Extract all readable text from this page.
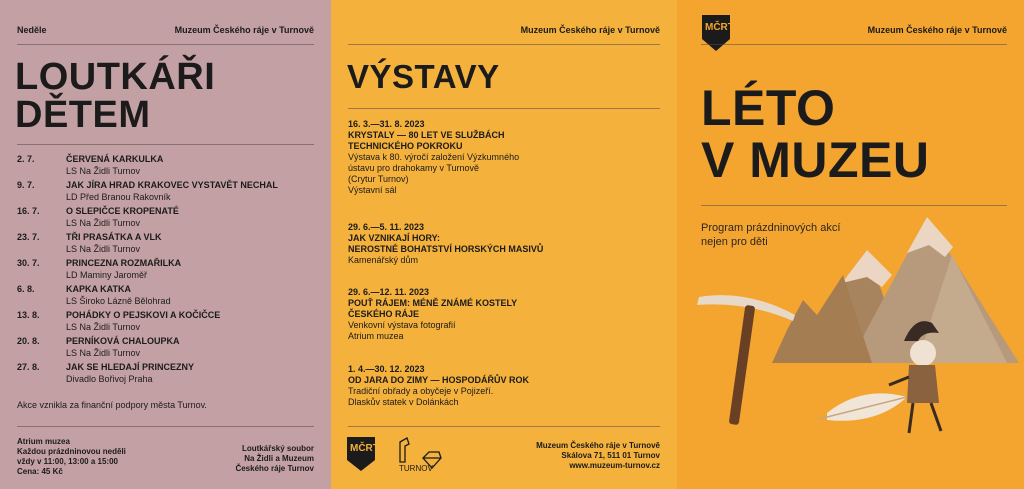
Neděle	Muzeum Českého ráje v Turnově
LOUTKÁŘI
DĚTEM
2. 7.	ČERVENÁ KARKULKA
LS Na Židli Turnov
9. 7.	JAK JÍRA HRAD KRAKOVEC VYSTAVĚT NECHAL
LD Před Branou Rakovník
16. 7.	O SLEPIČCE KROPENATÉ
LS Na Židli Turnov
23. 7.	TŘI PRASÁTKA A VLK
LS Na Židli Turnov
30. 7.	PRINCEZNA ROZMAŘILKA
LD Maminy Jaroměř
6. 8.	KAPKA KATKA
LS Široko Lázně Bělohrad
13. 8.	POHÁDKY O PEJSKOVI A KOČIČCE
LS Na Židli Turnov
20. 8.	PERNÍKOVÁ CHALOUPKA
LS Na Židli Turnov
27. 8.	JAK SE HLEDAJÍ PRINCEZNY
Divadlo Bořivoj Praha
Akce vznikla za finanční podpory města Turnov.
Atrium muzea
Každou prázdninovou neděli
vždy v 11:00, 13:00 a 15:00
Cena: 45 Kč
Loutkářský soubor
Na Židli a Muzeum
Českého ráje Turnov
Muzeum Českého ráje v Turnově
VÝSTAVY
16. 3.—31. 8. 2023
KRYSTALY — 80 LET VE SLUŽBÁCH
TECHNICKÉHO POKROKU
Výstava k 80. výročí založení Výzkumného
ústavu pro drahokamy v Turnově
(Crytur Turnov)
Výstavní sál
29. 6.—5. 11. 2023
JAK VZNIKAJÍ HORY:
NEROSTNÉ BOHATSTVÍ HORSKÝCH MASIVŮ
Kamenářský dům
29. 6.—12. 11. 2023
POUŤ RÁJEM: MÉNĚ ZNÁMÉ KOSTELY
ČESKÉHO RÁJE
Venkovní výstava fotografií
Atrium muzea
1. 4.—30. 12. 2023
OD JARA DO ZIMY — HOSPODÁŘŮV ROK
Tradiční obřady a obyčeje v Pojizeří.
Dlaskův statek v Dolánkách
MČRT
TURNOV
Muzeum Českého ráje v Turnově
Skálova 71, 511 01 Turnov
www.muzeum-turnov.cz
MČRT	Muzeum Českého ráje v Turnově
LÉTO
V MUZEU
Program prázdninových akcí
nejen pro děti
